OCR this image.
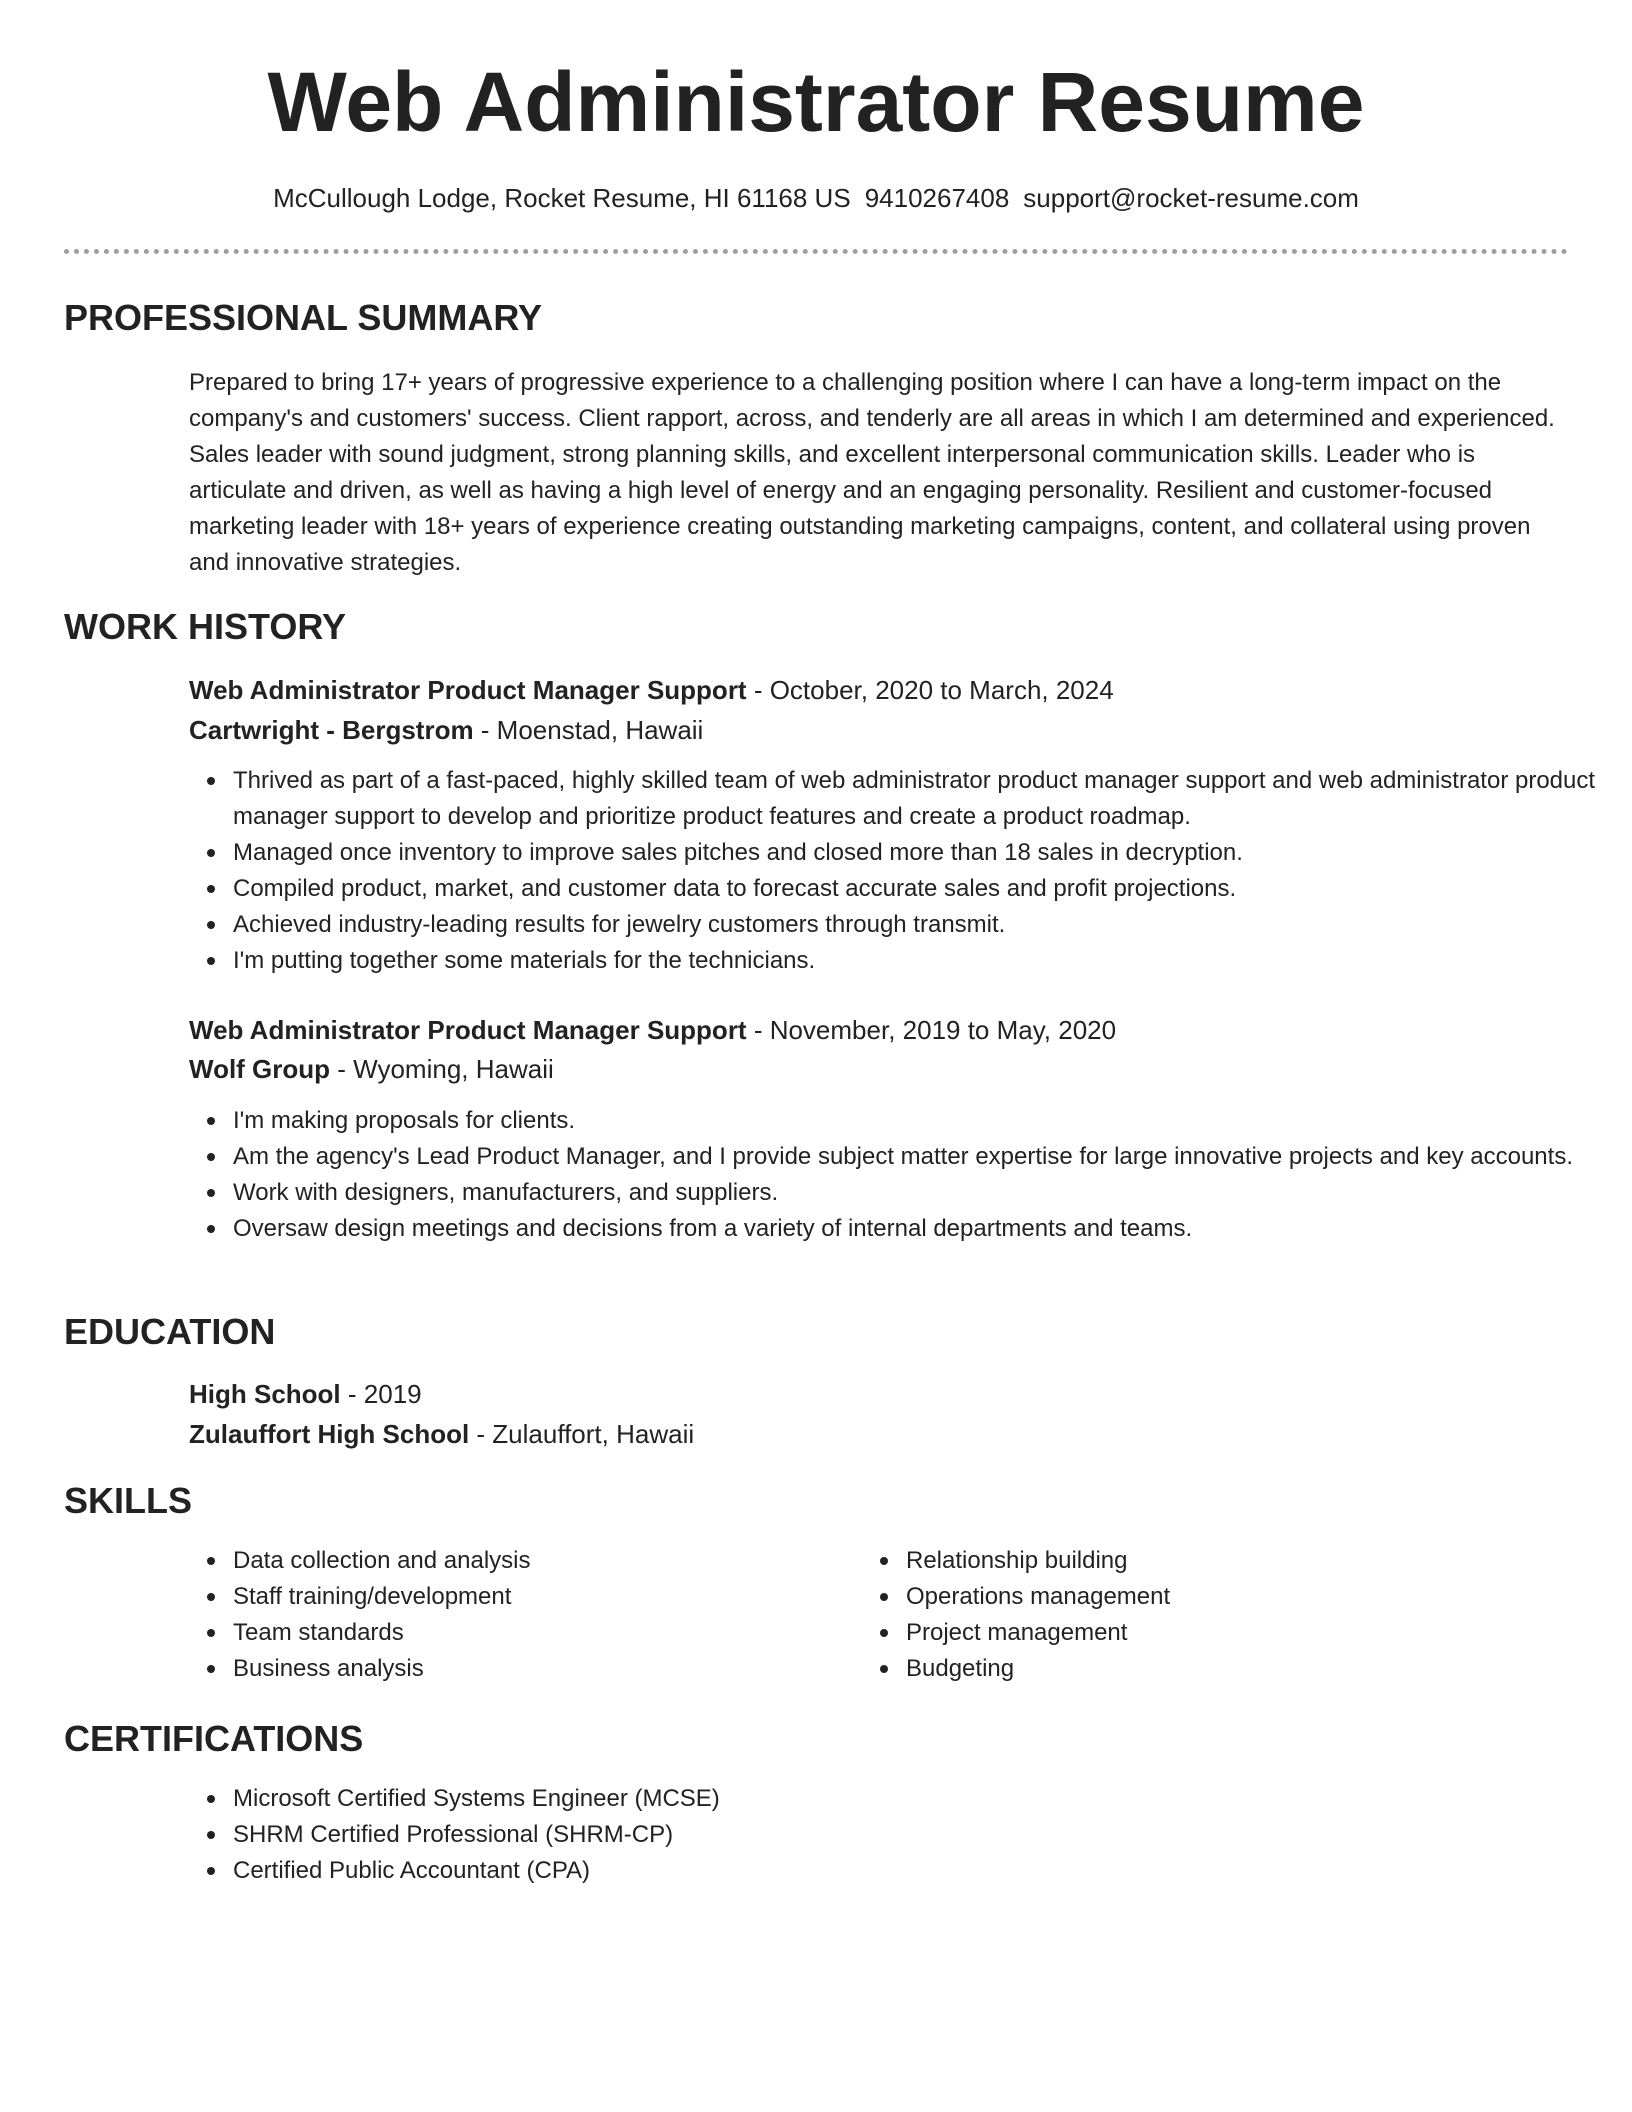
Web Administrator Resume
McCullough Lodge, Rocket Resume, HI 61168 US 9410267408 support@rocket-resume.com
PROFESSIONAL SUMMARY
Prepared to bring 17+ years of progressive experience to a challenging position where I can have a long-term impact on the company's and customers' success. Client rapport, across, and tenderly are all areas in which I am determined and experienced. Sales leader with sound judgment, strong planning skills, and excellent interpersonal communication skills. Leader who is articulate and driven, as well as having a high level of energy and an engaging personality. Resilient and customer-focused marketing leader with 18+ years of experience creating outstanding marketing campaigns, content, and collateral using proven and innovative strategies.
WORK HISTORY
Web Administrator Product Manager Support - October, 2020 to March, 2024
Cartwright - Bergstrom - Moenstad, Hawaii
Thrived as part of a fast-paced, highly skilled team of web administrator product manager support and web administrator product manager support to develop and prioritize product features and create a product roadmap.
Managed once inventory to improve sales pitches and closed more than 18 sales in decryption.
Compiled product, market, and customer data to forecast accurate sales and profit projections.
Achieved industry-leading results for jewelry customers through transmit.
I'm putting together some materials for the technicians.
Web Administrator Product Manager Support - November, 2019 to May, 2020
Wolf Group - Wyoming, Hawaii
I'm making proposals for clients.
Am the agency's Lead Product Manager, and I provide subject matter expertise for large innovative projects and key accounts.
Work with designers, manufacturers, and suppliers.
Oversaw design meetings and decisions from a variety of internal departments and teams.
EDUCATION
High School - 2019
Zulauffort High School - Zulauffort, Hawaii
SKILLS
Data collection and analysis
Staff training/development
Team standards
Business analysis
Relationship building
Operations management
Project management
Budgeting
CERTIFICATIONS
Microsoft Certified Systems Engineer (MCSE)
SHRM Certified Professional (SHRM-CP)
Certified Public Accountant (CPA)
